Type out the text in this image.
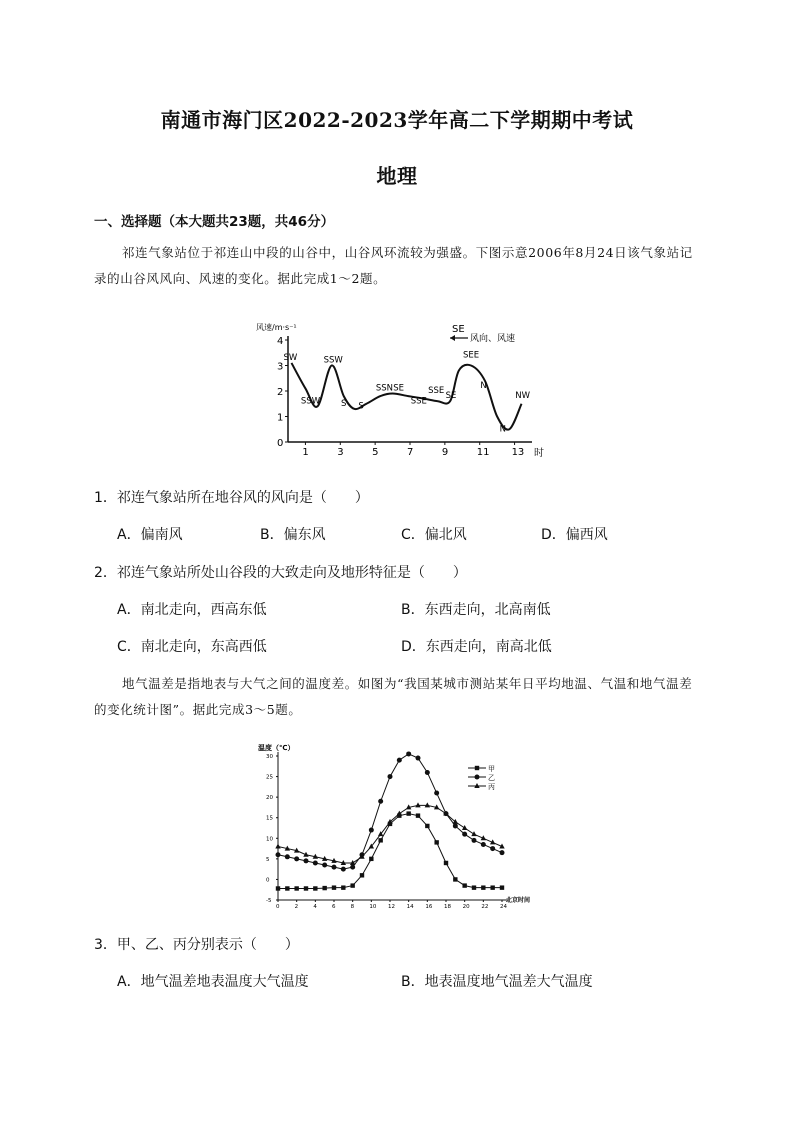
南通市海门区2022-2023学年高二下学期期中考试
地理
一、选择题（本大题共23题，共46分）
祁连气象站位于祁连山中段的山谷中，山谷风环流较为强盛。下图示意2006年8月24日该气象站记录的山谷风风向、风速的变化。据此完成1～2题。
0
1
2
3
4
1	3	5	7	9	11 13
SW
SSW
SSW
S S
SSN SE
SSE
SSE
SE
SEE
N
N
NW
风速/m·s⁻¹
时
SE
风向、风速
1．祁连气象站所在地谷风的风向是（　　）
A．偏南风	B．偏东风	C．偏北风	D．偏西风
2．祁连气象站所处山谷段的大致走向及地形特征是（　　）
A．南北走向，西高东低	B．东西走向，北高南低
C．南北走向，东高西低	D．东西走向，南高北低
地气温差是指地表与大气之间的温度差。如图为“我国某城市测站某年日平均地温、气温和地气温差的变化统计图”。据此完成3～5题。
-5
0
5
10
15
20
25
30
0	2	4	6	8	10 12 14 16 18 20 22 24
甲
乙
丙
温度（℃）
北京时间
3．甲、乙、丙分别表示（　　）
A．地气温差地表温度大气温度	B．地表温度地气温差大气温度
